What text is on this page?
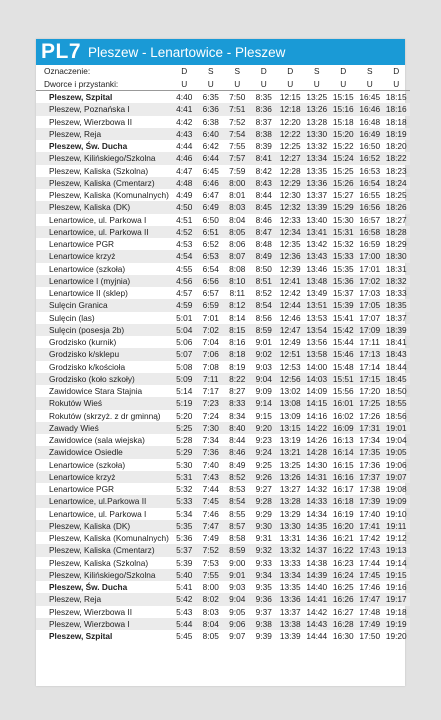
PL7 Pleszew - Lenartowice - Pleszew
Oznaczenie:	D	S	S	D	D	S	D	S	D
Dworce i przystanki:	U	U	U	U	U	U	U	U	U
Pleszew, Szpital	4:40	6:35	7:50	8:35	12:15	13:25	15:15	16:45	18:15
Pleszew, Poznańska I	4:41	6:36	7:51	8:36	12:18	13:26	15:16	16:46	18:16
Pleszew, Wierzbowa II	4:42	6:38	7:52	8:37	12:20	13:28	15:18	16:48	18:18
Pleszew, Reja	4:43	6:40	7:54	8:38	12:22	13:30	15:20	16:49	18:19
Pleszew, Św. Ducha	4:44	6:42	7:55	8:39	12:25	13:32	15:22	16:50	18:20
Pleszew, Kilińskiego/Szkolna	4:46	6:44	7:57	8:41	12:27	13:34	15:24	16:52	18:22
Pleszew, Kaliska (Szkolna)	4:47	6:45	7:59	8:42	12:28	13:35	15:25	16:53	18:23
Pleszew, Kaliska (Cmentarz)	4:48	6:46	8:00	8:43	12:29	13:36	15:26	16:54	18:24
Pleszew, Kaliska (Komunalnych)	4:49	6:47	8:01	8:44	12:30	13:37	15:27	16:55	18:25
Pleszew, Kaliska (DK)	4:50	6:49	8:03	8:45	12:32	13:39	15:29	16:56	18:26
Lenartowice, ul. Parkowa I	4:51	6:50	8:04	8:46	12:33	13:40	15:30	16:57	18:27
Lenartowice, ul. Parkowa II	4:52	6:51	8:05	8:47	12:34	13:41	15:31	16:58	18:28
Lenartowice PGR	4:53	6:52	8:06	8:48	12:35	13:42	15:32	16:59	18:29
Lenartowice krzyż	4:54	6:53	8:07	8:49	12:36	13:43	15:33	17:00	18:30
Lenartowice (szkoła)	4:55	6:54	8:08	8:50	12:39	13:46	15:35	17:01	18:31
Lenartowice I (myjnia)	4:56	6:56	8:10	8:51	12:41	13:48	15:36	17:02	18:32
Lenartowice II (sklep)	4:57	6:57	8:11	8:52	12:42	13:49	15:37	17:03	18:33
Sulęcin Granica	4:59	6:59	8:12	8:54	12:44	13:51	15:39	17:05	18:35
Sulęcin (las)	5:01	7:01	8:14	8:56	12:46	13:53	15:41	17:07	18:37
Sulęcin (posesja 2b)	5:04	7:02	8:15	8:59	12:47	13:54	15:42	17:09	18:39
Grodzisko (kurnik)	5:06	7:04	8:16	9:01	12:49	13:56	15:44	17:11	18:41
Grodzisko k/sklepu	5:07	7:06	8:18	9:02	12:51	13:58	15:46	17:13	18:43
Grodzisko k/kościoła	5:08	7:08	8:19	9:03	12:53	14:00	15:48	17:14	18:44
Grodzisko (koło szkoły)	5:09	7:11	8:22	9:04	12:56	14:03	15:51	17:15	18:45
Zawidowice Stara Stajnia	5:14	7:17	8:27	9:09	13:02	14:09	15:56	17:20	18:50
Rokutów Wieś	5:19	7:23	8:33	9:14	13:08	14:15	16:01	17:25	18:55
Rokutów (skrzyż. z dr gminną)	5:20	7:24	8:34	9:15	13:09	14:16	16:02	17:26	18:56
Zawady Wieś	5:25	7:30	8:40	9:20	13:15	14:22	16:09	17:31	19:01
Zawidowice (sala wiejska)	5:28	7:34	8:44	9:23	13:19	14:26	16:13	17:34	19:04
Zawidowice Osiedle	5:29	7:36	8:46	9:24	13:21	14:28	16:14	17:35	19:05
Lenartowice (szkoła)	5:30	7:40	8:49	9:25	13:25	14:30	16:15	17:36	19:06
Lenartowice krzyż	5:31	7:43	8:52	9:26	13:26	14:31	16:16	17:37	19:07
Lenartowice PGR	5:32	7:44	8:53	9:27	13:27	14:32	16:17	17:38	19:08
Lenartowice, ul.Parkowa II	5:33	7:45	8:54	9:28	13:28	14:33	16:18	17:39	19:09
Lenartowice, ul. Parkowa I	5:34	7:46	8:55	9:29	13:29	14:34	16:19	17:40	19:10
Pleszew, Kaliska (DK)	5:35	7:47	8:57	9:30	13:30	14:35	16:20	17:41	19:11
Pleszew, Kaliska (Komunalnych)	5:36	7:49	8:58	9:31	13:31	14:36	16:21	17:42	19:12
Pleszew, Kaliska (Cmentarz)	5:37	7:52	8:59	9:32	13:32	14:37	16:22	17:43	19:13
Pleszew, Kaliska (Szkolna)	5:39	7:53	9:00	9:33	13:33	14:38	16:23	17:44	19:14
Pleszew, Kilińskiego/Szkolna	5:40	7:55	9:01	9:34	13:34	14:39	16:24	17:45	19:15
Pleszew, Św. Ducha	5:41	8:00	9:03	9:35	13:35	14:40	16:25	17:46	19:16
Pleszew, Reja	5:42	8:02	9:04	9:36	13:36	14:41	16:26	17:47	19:17
Pleszew, Wierzbowa II	5:43	8:03	9:05	9:37	13:37	14:42	16:27	17:48	19:18
Pleszew, Wierzbowa I	5:44	8:04	9:06	9:38	13:38	14:43	16:28	17:49	19:19
Pleszew, Szpital	5:45	8:05	9:07	9:39	13:39	14:44	16:30	17:50	19:20
